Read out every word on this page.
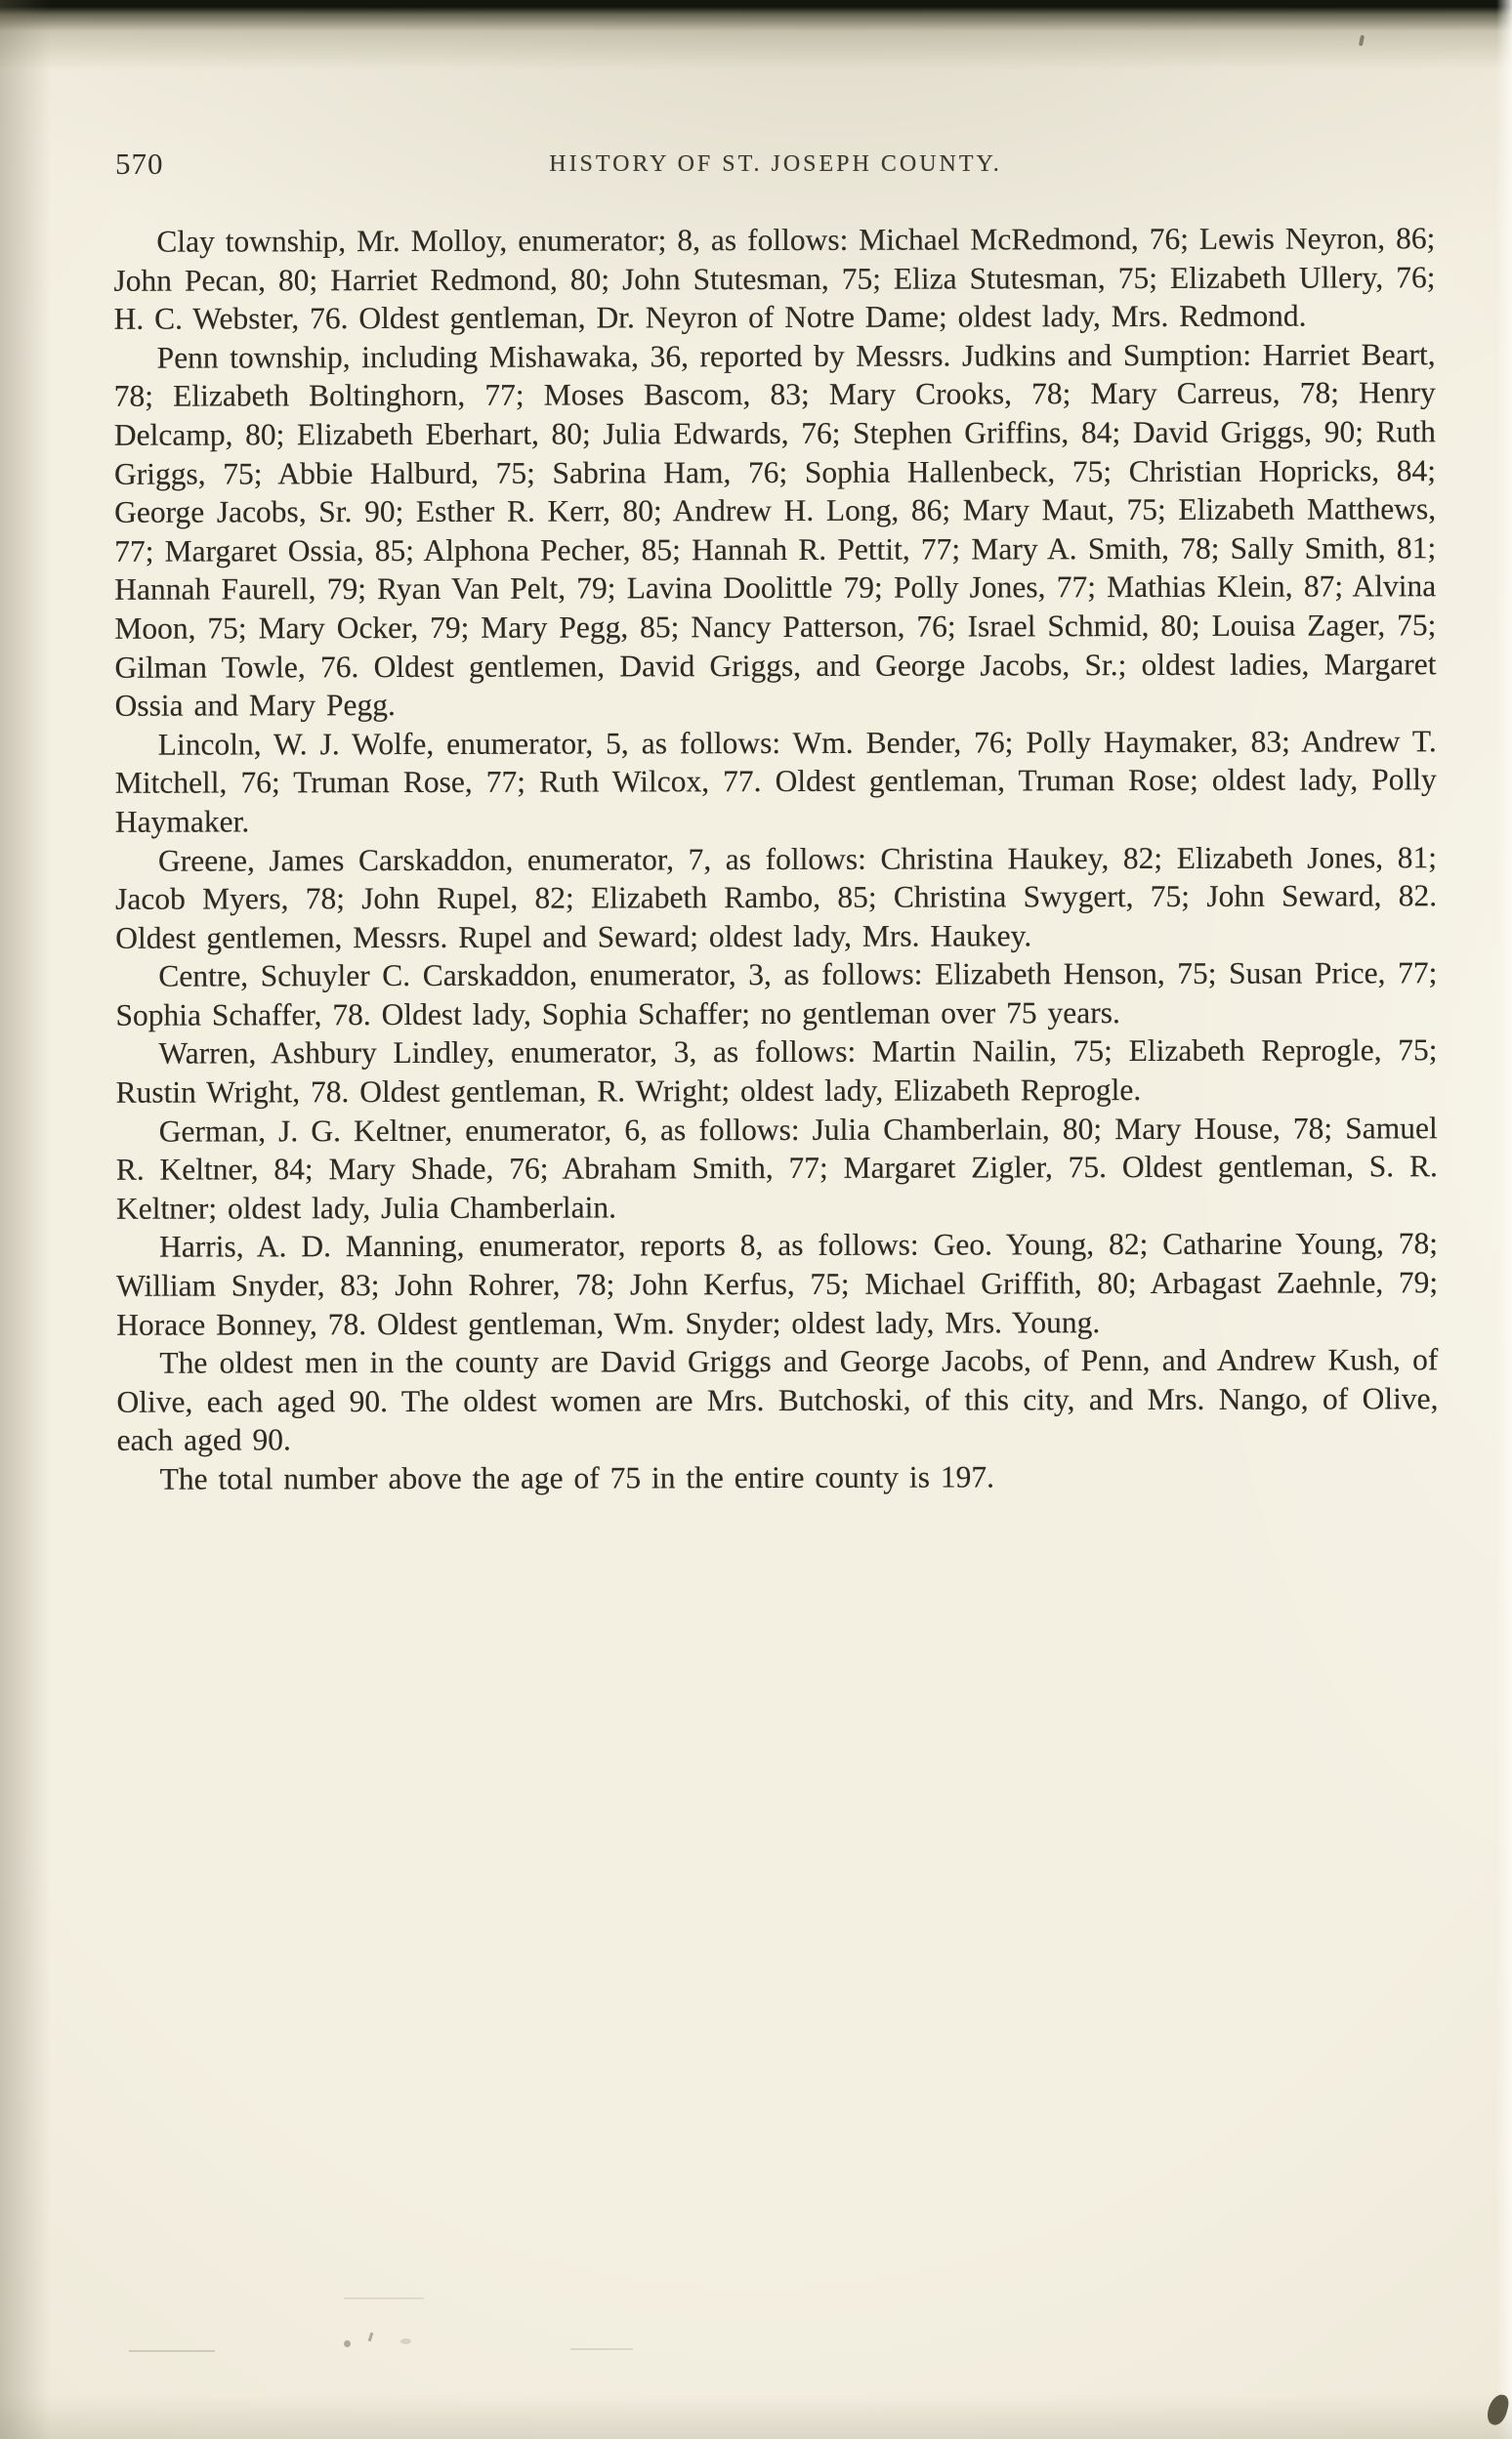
570	HISTORY OF ST. JOSEPH COUNTY.

Clay township, Mr. Molloy, enumerator; 8, as follows: Michael McRedmond, 76; Lewis Neyron, 86; John Pecan, 80; Harriet Redmond, 80; John Stutesman, 75; Eliza Stutesman, 75; Elizabeth Ullery, 76; H. C. Webster, 76. Oldest gentleman, Dr. Neyron of Notre Dame; oldest lady, Mrs. Redmond.

Penn township, including Mishawaka, 36, reported by Messrs. Judkins and Sumption: Harriet Beart, 78; Elizabeth Boltinghorn, 77; Moses Bascom, 83; Mary Crooks, 78; Mary Carreus, 78; Henry Delcamp, 80; Elizabeth Eberhart, 80; Julia Edwards, 76; Stephen Griffins, 84; David Griggs, 90; Ruth Griggs, 75; Abbie Halburd, 75; Sabrina Ham, 76; Sophia Hallenbeck, 75; Christian Hopricks, 84; George Jacobs, Sr. 90; Esther R. Kerr, 80; Andrew H. Long, 86; Mary Maut, 75; Elizabeth Matthews, 77; Margaret Ossia, 85; Alphona Pecher, 85; Hannah R. Pettit, 77; Mary A. Smith, 78; Sally Smith, 81; Hannah Faurell, 79; Ryan Van Pelt, 79; Lavina Doolittle 79; Polly Jones, 77; Mathias Klein, 87; Alvina Moon, 75; Mary Ocker, 79; Mary Pegg, 85; Nancy Patterson, 76; Israel Schmid, 80; Louisa Zager, 75; Gilman Towle, 76. Oldest gentlemen, David Griggs, and George Jacobs, Sr.; oldest ladies, Margaret Ossia and Mary Pegg.

Lincoln, W. J. Wolfe, enumerator, 5, as follows: Wm. Bender, 76; Polly Haymaker, 83; Andrew T. Mitchell, 76; Truman Rose, 77; Ruth Wilcox, 77. Oldest gentleman, Truman Rose; oldest lady, Polly Haymaker.

Greene, James Carskaddon, enumerator, 7, as follows: Christina Haukey, 82; Elizabeth Jones, 81; Jacob Myers, 78; John Rupel, 82; Elizabeth Rambo, 85; Christina Swygert, 75; John Seward, 82. Oldest gentlemen, Messrs. Rupel and Seward; oldest lady, Mrs. Haukey.

Centre, Schuyler C. Carskaddon, enumerator, 3, as follows: Elizabeth Henson, 75; Susan Price, 77; Sophia Schaffer, 78. Oldest lady, Sophia Schaffer; no gentleman over 75 years.

Warren, Ashbury Lindley, enumerator, 3, as follows: Martin Nailin, 75; Elizabeth Reprogle, 75; Rustin Wright, 78. Oldest gentleman, R. Wright; oldest lady, Elizabeth Reprogle.

German, J. G. Keltner, enumerator, 6, as follows: Julia Chamberlain, 80; Mary House, 78; Samuel R. Keltner, 84; Mary Shade, 76; Abraham Smith, 77; Margaret Zigler, 75. Oldest gentleman, S. R. Keltner; oldest lady, Julia Chamberlain.

Harris, A. D. Manning, enumerator, reports 8, as follows: Geo. Young, 82; Catharine Young, 78; William Snyder, 83; John Rohrer, 78; John Kerfus, 75; Michael Griffith, 80; Arbagast Zaehnle, 79; Horace Bonney, 78. Oldest gentleman, Wm. Snyder; oldest lady, Mrs. Young.

The oldest men in the county are David Griggs and George Jacobs, of Penn, and Andrew Kush, of Olive, each aged 90. The oldest women are Mrs. Butchoski, of this city, and Mrs. Nango, of Olive, each aged 90.

The total number above the age of 75 in the entire county is 197.
